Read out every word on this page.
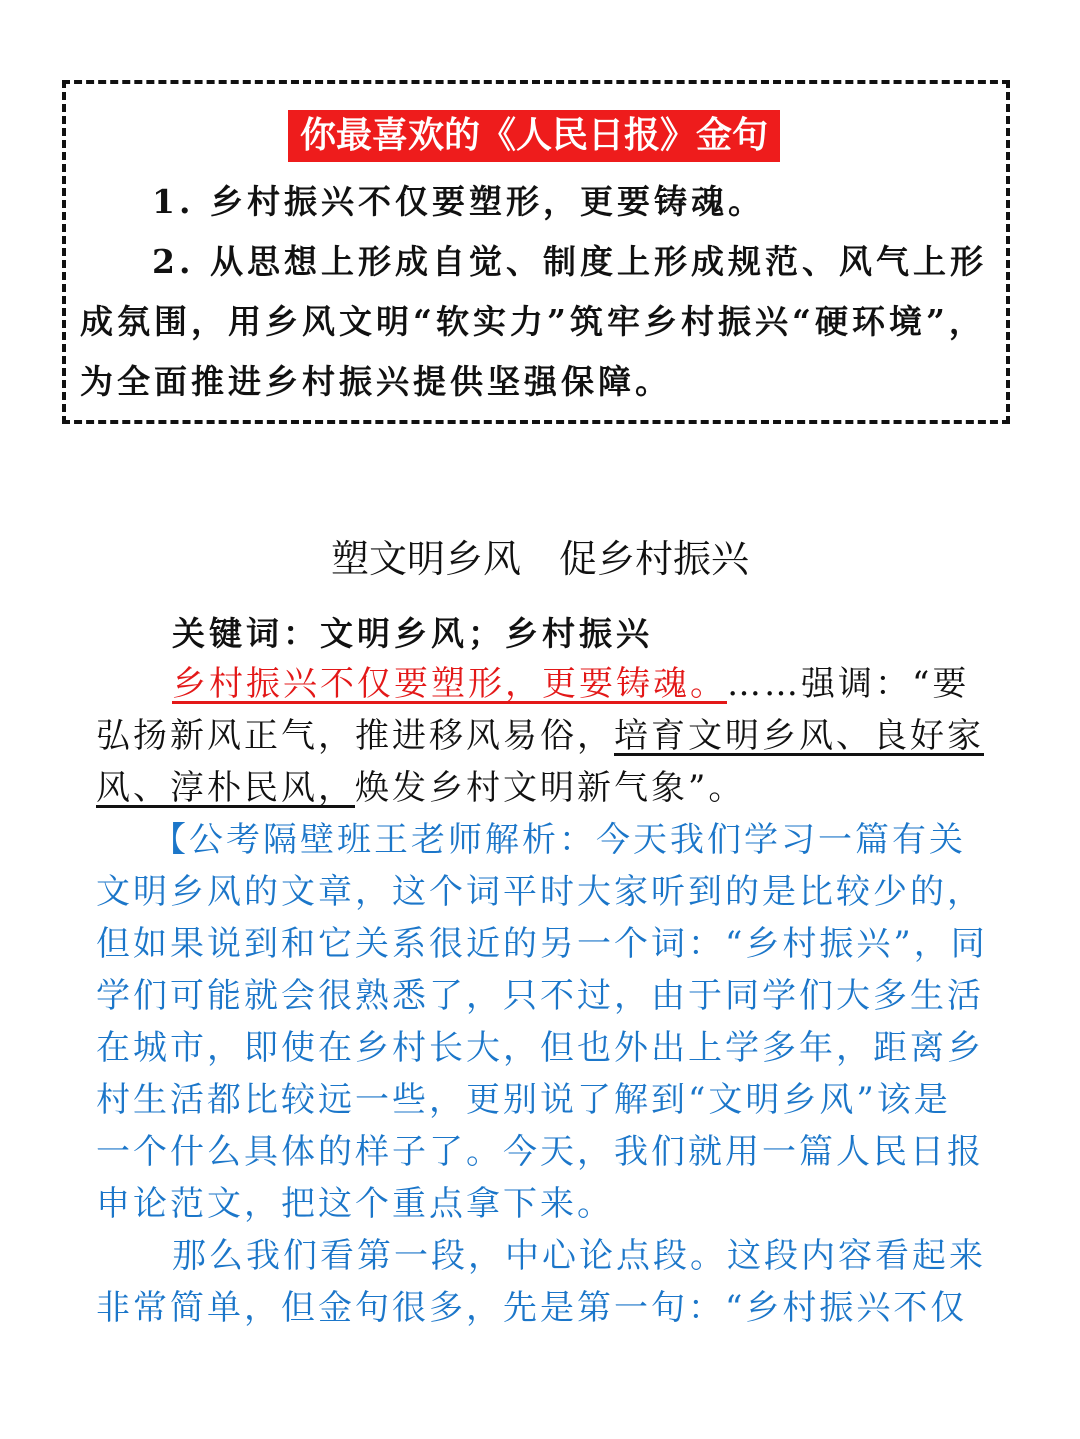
你最喜欢的《人民日报》金句
1. 乡村振兴不仅要塑形，更要铸魂。
2. 从思想上形成自觉、制度上形成规范、风气上形
成氛围，用乡风文明“软实力”筑牢乡村振兴“硬环境”，
为全面推进乡村振兴提供坚强保障。
塑文明乡风　促乡村振兴
关键词：文明乡风；乡村振兴
乡村振兴不仅要塑形，更要铸魂。……强调：“要
弘扬新风正气，推进移风易俗，培育文明乡风、良好家
风、淳朴民风，焕发乡村文明新气象”。
【公考隔壁班王老师解析：今天我们学习一篇有关
文明乡风的文章，这个词平时大家听到的是比较少的，
但如果说到和它关系很近的另一个词：“乡村振兴”，同
学们可能就会很熟悉了，只不过，由于同学们大多生活
在城市，即使在乡村长大，但也外出上学多年，距离乡
村生活都比较远一些，更别说了解到“文明乡风”该是
一个什么具体的样子了。今天，我们就用一篇人民日报
申论范文，把这个重点拿下来。
那么我们看第一段，中心论点段。这段内容看起来
非常简单，但金句很多，先是第一句：“乡村振兴不仅
